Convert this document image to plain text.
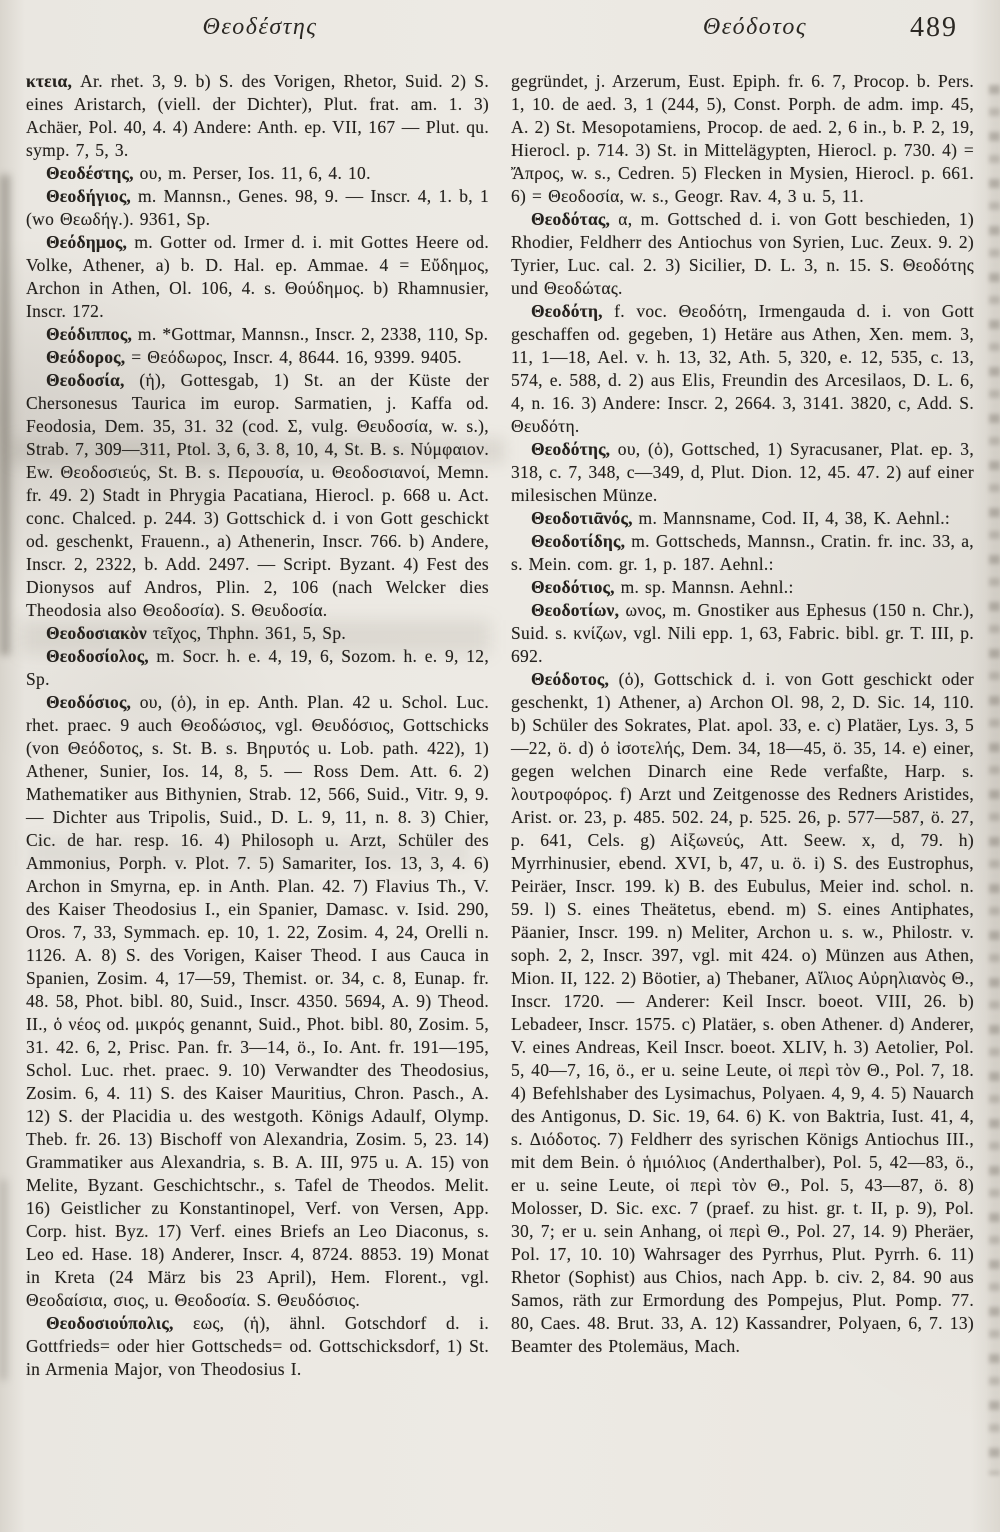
Θεοδέστης	Θεόδοτος	489

κτεια, Ar. rhet. 3, 9. b) S. des Vorigen, Rhetor, Suid. 2) S. eines Aristarch, (viell. der Dichter), Plut. frat. am. 1. 3) Achäer, Pol. 40, 4. 4) Andere: Anth. ep. VII, 167 — Plut. qu. symp. 7, 5, 3.

Θεοδέστης, ου, m. Perser, Ios. 11, 6, 4. 10.

Θεοδήγιος, m. Mannsn., Genes. 98, 9. — Inscr. 4, 1. b, 1 (wo Θεωδήγ.). 9361, Sp.

Θεόδημος, m. Gotter od. Irmer d. i. mit Gottes Heere od. Volke, Athener, a) b. D. Hal. ep. Ammae. 4 = Εὔδημος, Archon in Athen, Ol. 106, 4. s. Θούδημος. b) Rhamnusier, Inscr. 172.

Θεόδιππος, m. *Gottmar, Mannsn., Inscr. 2, 2338, 110, Sp.

Θεόδορος, = Θεόδωρος, Inscr. 4, 8644. 16, 9399. 9405.

Θεοδοσία, (ἡ), Gottesgab, 1) St. an der Küste der Chersonesus Taurica im europ. Sarmatien, j. Kaffa od. Feodosia, Dem. 35, 31. 32 (cod. Σ, vulg. Θευδοσία, w. s.), Strab. 7, 309—311, Ptol. 3, 6, 3. 8, 10, 4, St. B. s. Νύμφαιον. Ew. Θεοδοσιεύς, St. B. s. Περουσία, u. Θεοδοσιανοί, Memn. fr. 49. 2) Stadt in Phrygia Pacatiana, Hierocl. p. 668 u. Act. conc. Chalced. p. 244. 3) Gottschick d. i von Gott geschickt od. geschenkt, Frauenn., a) Athenerin, Inscr. 766. b) Andere, Inscr. 2, 2322, b. Add. 2497. — Script. Byzant. 4) Fest des Dionysos auf Andros, Plin. 2, 106 (nach Welcker dies Theodosia also Θεοδοσία). S. Θευδοσία.

Θεοδοσιακὸν τεῖχος, Thphn. 361, 5, Sp.

Θεοδοσίολος, m. Socr. h. e. 4, 19, 6, Sozom. h. e. 9, 12, Sp.

Θεοδόσιος, ου, (ὁ), in ep. Anth. Plan. 42 u. Schol. Luc. rhet. praec. 9 auch Θεοδώσιος, vgl. Θευδόσιος, Gottschicks (von Θεόδοτος, s. St. B. s. Βηρυτός u. Lob. path. 422), 1) Athener, Sunier, Ios. 14, 8, 5. — Ross Dem. Att. 6. 2) Mathematiker aus Bithynien, Strab. 12, 566, Suid., Vitr. 9, 9. — Dichter aus Tripolis, Suid., D. L. 9, 11, n. 8. 3) Chier, Cic. de har. resp. 16. 4) Philosoph u. Arzt, Schüler des Ammonius, Porph. v. Plot. 7. 5) Samariter, Ios. 13, 3, 4. 6) Archon in Smyrna, ep. in Anth. Plan. 42. 7) Flavius Th., V. des Kaiser Theodosius I., ein Spanier, Damasc. v. Isid. 290, Oros. 7, 33, Symmach. ep. 10, 1. 22, Zosim. 4, 24, Orelli n. 1126. A. 8) S. des Vorigen, Kaiser Theod. I aus Cauca in Spanien, Zosim. 4, 17—59, Themist. or. 34, c. 8, Eunap. fr. 48. 58, Phot. bibl. 80, Suid., Inscr. 4350. 5694, A. 9) Theod. II., ὁ νέος od. μικρός genannt, Suid., Phot. bibl. 80, Zosim. 5, 31. 42. 6, 2, Prisc. Pan. fr. 3—14, ö., Io. Ant. fr. 191—195, Schol. Luc. rhet. praec. 9. 10) Verwandter des Theodosius, Zosim. 6, 4. 11) S. des Kaiser Mauritius, Chron. Pasch., A. 12) S. der Placidia u. des westgoth. Königs Adaulf, Olymp. Theb. fr. 26. 13) Bischoff von Alexandria, Zosim. 5, 23. 14) Grammatiker aus Alexandria, s. B. A. III, 975 u. A. 15) von Melite, Byzant. Geschichtschr., s. Tafel de Theodos. Melit. 16) Geistlicher zu Konstantinopel, Verf. von Versen, App. Corp. hist. Byz. 17) Verf. eines Briefs an Leo Diaconus, s. Leo ed. Hase. 18) Anderer, Inscr. 4, 8724. 8853. 19) Monat in Kreta (24 März bis 23 April), Hem. Florent., vgl. Θεοδαίσια, σιος, u. Θεοδοσία. S. Θευδόσιος.

Θεοδοσιούπολις, εως, (ἡ), ähnl. Gotschdorf d. i. Gottfrieds= oder hier Gottscheds= od. Gottschicksdorf, 1) St. in Armenia Major, von Theodosius I.

gegründet, j. Arzerum, Eust. Epiph. fr. 6. 7, Procop. b. Pers. 1, 10. de aed. 3, 1 (244, 5), Const. Porph. de adm. imp. 45, A. 2) St. Mesopotamiens, Procop. de aed. 2, 6 in., b. P. 2, 19, Hierocl. p. 714. 3) St. in Mittelägypten, Hierocl. p. 730. 4) = Ἄπρος, w. s., Cedren. 5) Flecken in Mysien, Hierocl. p. 661. 6) = Θεοδοσία, w. s., Geogr. Rav. 4, 3 u. 5, 11.

Θεοδότας, α, m. Gottsched d. i. von Gott beschieden, 1) Rhodier, Feldherr des Antiochus von Syrien, Luc. Zeux. 9. 2) Tyrier, Luc. cal. 2. 3) Sicilier, D. L. 3, n. 15. S. Θεοδότης und Θεοδώτας.

Θεοδότη, f. voc. Θεοδότη, Irmengauda d. i. von Gott geschaffen od. gegeben, 1) Hetäre aus Athen, Xen. mem. 3, 11, 1—18, Ael. v. h. 13, 32, Ath. 5, 320, e. 12, 535, c. 13, 574, e. 588, d. 2) aus Elis, Freundin des Arcesilaos, D. L. 6, 4, n. 16. 3) Andere: Inscr. 2, 2664. 3, 3141. 3820, c, Add. S. Θευδότη.

Θεοδότης, ου, (ὁ), Gottsched, 1) Syracusaner, Plat. ep. 3, 318, c. 7, 348, c—349, d, Plut. Dion. 12, 45. 47. 2) auf einer milesischen Münze.

Θεοδοτιᾱνός, m. Mannsname, Cod. II, 4, 38, K. Aehnl.:

Θεοδοτίδης, m. Gottscheds, Mannsn., Cratin. fr. inc. 33, a, s. Mein. com. gr. 1, p. 187. Aehnl.:

Θεοδότιος, m. sp. Mannsn. Aehnl.:

Θεοδοτίων, ωνος, m. Gnostiker aus Ephesus (150 n. Chr.), Suid. s. κνίζων, vgl. Nili epp. 1, 63, Fabric. bibl. gr. T. III, p. 692.

Θεόδοτος, (ὁ), Gottschick d. i. von Gott geschickt oder geschenkt, 1) Athener, a) Archon Ol. 98, 2, D. Sic. 14, 110. b) Schüler des Sokrates, Plat. apol. 33, e. c) Platäer, Lys. 3, 5—22, ö. d) ὁ ἰσοτελής, Dem. 34, 18—45, ö. 35, 14. e) einer, gegen welchen Dinarch eine Rede verfaßte, Harp. s. λουτροφόρος. f) Arzt und Zeitgenosse des Redners Aristides, Arist. or. 23, p. 485. 502. 24, p. 525. 26, p. 577—587, ö. 27, p. 641, Cels. g) Αἰξωνεύς, Att. Seew. x, d, 79. h) Myrrhinusier, ebend. XVI, b, 47, u. ö. i) S. des Eustrophus, Peiräer, Inscr. 199. k) B. des Eubulus, Meier ind. schol. n. 59. l) S. eines Theätetus, ebend. m) S. eines Antiphates, Päanier, Inscr. 199. n) Meliter, Archon u. s. w., Philostr. v. soph. 2, 2, Inscr. 397, vgl. mit 424. o) Münzen aus Athen, Mion. II, 122. 2) Böotier, a) Thebaner, Αἴλιος Αὐρηλιανὸς Θ., Inscr. 1720. — Anderer: Keil Inscr. boeot. VIII, 26. b) Lebadeer, Inscr. 1575. c) Platäer, s. oben Athener. d) Anderer, V. eines Andreas, Keil Inscr. boeot. XLIV, h. 3) Aetolier, Pol. 5, 40—7, 16, ö., er u. seine Leute, οἱ περὶ τὸν Θ., Pol. 7, 18. 4) Befehlshaber des Lysimachus, Polyaen. 4, 9, 4. 5) Nauarch des Antigonus, D. Sic. 19, 64. 6) K. von Baktria, Iust. 41, 4, s. Διόδοτος. 7) Feldherr des syrischen Königs Antiochus III., mit dem Bein. ὁ ἡμιόλιος (Anderthalber), Pol. 5, 42—83, ö., er u. seine Leute, οἱ περὶ τὸν Θ., Pol. 5, 43—87, ö. 8) Molosser, D. Sic. exc. 7 (praef. zu hist. gr. t. II, p. 9), Pol. 30, 7; er u. sein Anhang, οἱ περὶ Θ., Pol. 27, 14. 9) Pheräer, Pol. 17, 10. 10) Wahrsager des Pyrrhus, Plut. Pyrrh. 6. 11) Rhetor (Sophist) aus Chios, nach App. b. civ. 2, 84. 90 aus Samos, räth zur Ermordung des Pompejus, Plut. Pomp. 77. 80, Caes. 48. Brut. 33, A. 12) Kassandrer, Polyaen, 6, 7. 13) Beamter des Ptolemäus, Mach.
